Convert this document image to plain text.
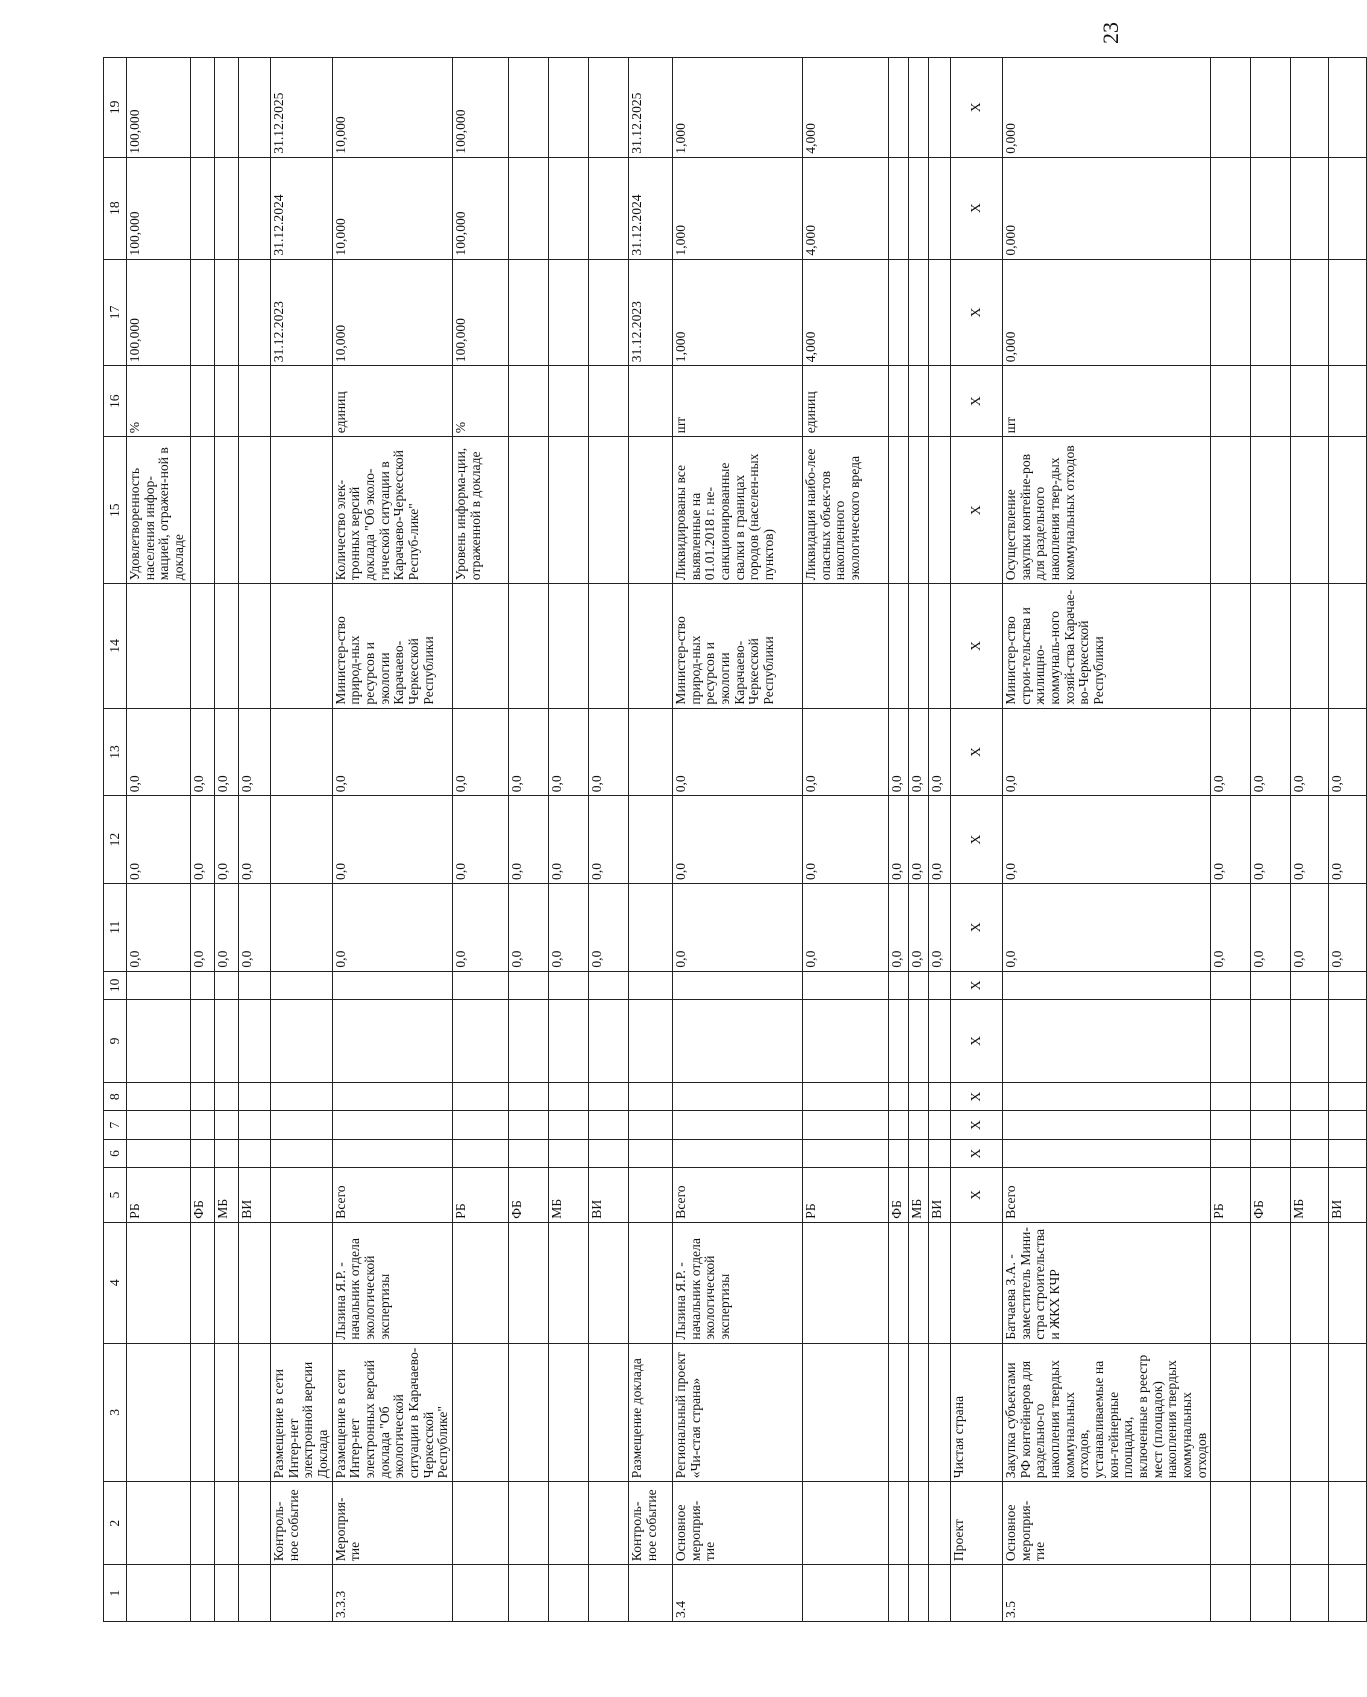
23
1	2	3	4	5	6	7	8	9	10	11	12	13	14	15	16	17	18	19
				РБ						0,0	0,0	0,0		Удовлетворенность населения инфор-мацией, отражен-ной в докладе	%	100,000	100,000	100,000
				ФБ						0,0	0,0	0,0						
				МБ						0,0	0,0	0,0						
				ВИ						0,0	0,0	0,0						
	Контроль-ное событие	Размещение в сети Интер-нет электронной версии Доклада														31.12.2023	31.12.2024	31.12.2025
3.3.3	Мероприя-тие	Размещение в сети Интер-нет электронных версий доклада "Об экологической ситуации в Карачаево-Черкесской Республике"	Лызина Я.Р. - начальник отдела экологической экспертизы	Всего						0,0	0,0	0,0	Министер-ство природ-ных ресурсов и экологии Карачаево-Черкесской Республики	Количество элек-тронных версий доклада "Об эколо-гической ситуации в Карачаево-Черкесской Респуб-лике"	единиц	10,000	10,000	10,000
				РБ						0,0	0,0	0,0		Уровень информа-ции, отраженной в докладе	%	100,000	100,000	100,000
				ФБ						0,0	0,0	0,0						
				МБ						0,0	0,0	0,0						
				ВИ						0,0	0,0	0,0						
	Контроль-ное событие	Размещение доклада														31.12.2023	31.12.2024	31.12.2025
3.4	Основное мероприя-тие	Региональный проект «Чи-стая страна»	Лызина Я.Р. - начальник отдела экологической экспертизы	Всего						0,0	0,0	0,0	Министер-ство природ-ных ресурсов и экологии Карачаево-Черкесской Республики	Ликвидированы все выявленные на 01.01.2018 г. не-санкционированные свалки в границах городов (населен-ных пунктов)	шт	1,000	1,000	1,000
				РБ						0,0	0,0	0,0		Ликвидация наибо-лее опасных объек-тов накопленного экологического вреда	единиц	4,000	4,000	4,000
				ФБ						0,0	0,0	0,0						
				МБ						0,0	0,0	0,0						
				ВИ						0,0	0,0	0,0						
	Проект	Чистая страна		X	X	X	X	X	X	X	X	X	X	X	X	X	X	X
3.5	Основное мероприя-тие	Закупка субъектами РФ контейнеров для раздельно-го накопления твердых коммунальных отходов, устанавливаемые на кон-тейнерные площадки, включенные в реестр мест (площадок) накопления твердых коммунальных отходов	Батчаева З.А. - заместитель Мини-стра строительства и ЖКХ КЧР	Всего						0,0	0,0	0,0	Министер-ство строи-тельства и жилищно-коммуналь-ного хозяй-ства Карачае-во-Черкесской Республики	Осуществление закупки контейне-ров для раздельного накопления твер-дых коммунальных отходов	шт	0,000	0,000	0,000
				РБ						0,0	0,0	0,0						
				ФБ						0,0	0,0	0,0						
				МБ						0,0	0,0	0,0						
				ВИ						0,0	0,0	0,0						
